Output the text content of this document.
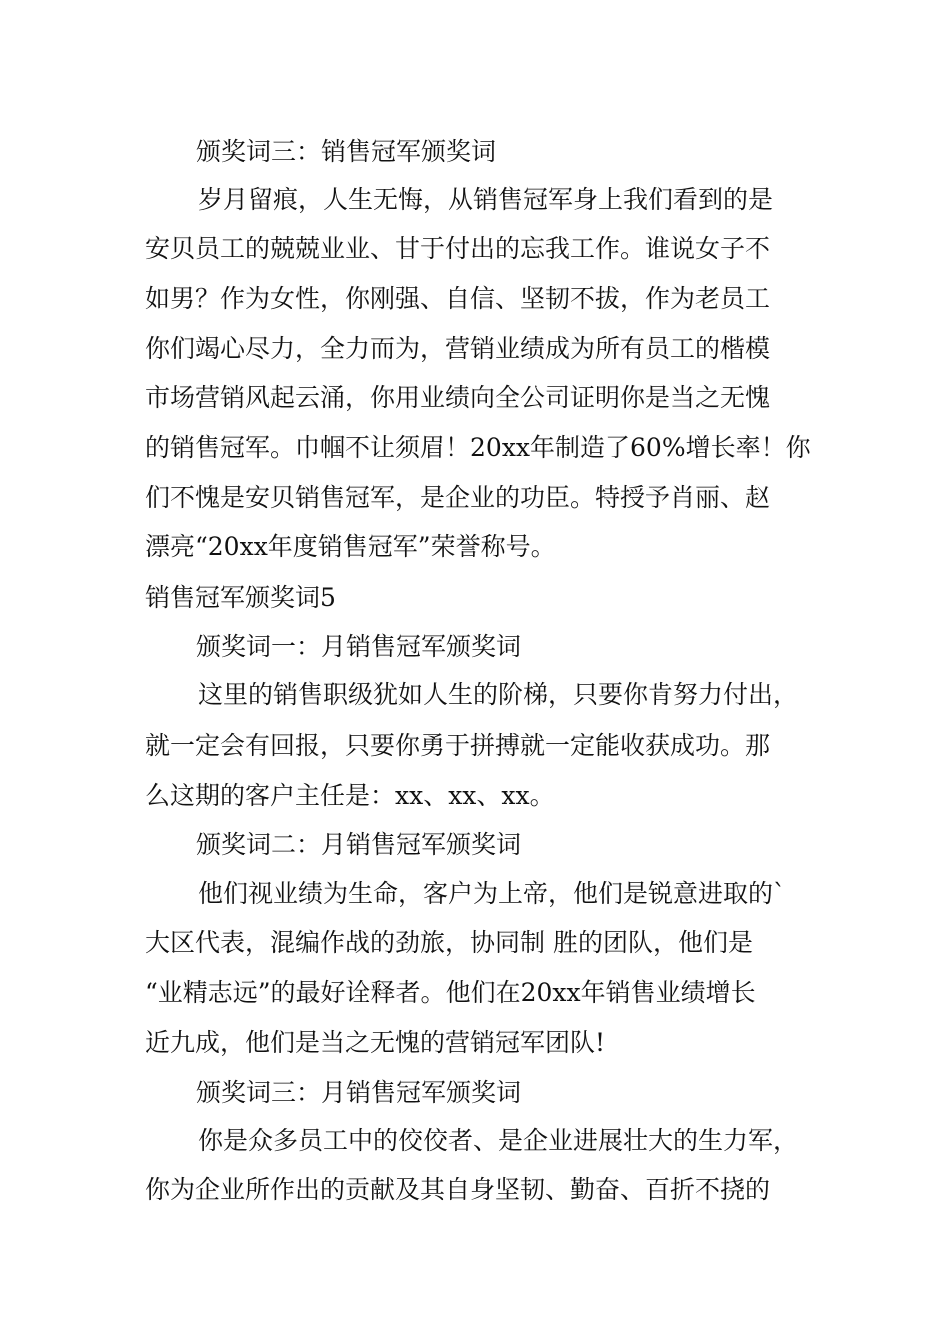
颁奖词三：销售冠军颁奖词
岁月留痕，人生无悔，从销售冠军身上我们看到的是
安贝员工的兢兢业业、甘于付出的忘我工作。谁说女子不
如男？作为女性，你刚强、自信、坚韧不拔，作为老员工
你们竭心尽力，全力而为，营销业绩成为所有员工的楷模
市场营销风起云涌，你用业绩向全公司证明你是当之无愧
的销售冠军。巾帼不让须眉！20xx年制造了60%增长率！你
们不愧是安贝销售冠军，是企业的功臣。特授予肖丽、赵
漂亮“20xx年度销售冠军”荣誉称号。
销售冠军颁奖词5
颁奖词一：月销售冠军颁奖词
这里的销售职级犹如人生的阶梯，只要你肯努力付出，
就一定会有回报，只要你勇于拼搏就一定能收获成功。那
么这期的客户主任是：xx、xx、xx。
颁奖词二：月销售冠军颁奖词
他们视业绩为生命，客户为上帝，他们是锐意进取的`
大区代表，混编作战的劲旅，协同制 胜的团队，他们是
“业精志远”的最好诠释者。他们在20xx年销售业绩增长
近九成，他们是当之无愧的营销冠军团队!
颁奖词三：月销售冠军颁奖词
你是众多员工中的佼佼者、是企业进展壮大的生力军，
你为企业所作出的贡献及其自身坚韧、勤奋、百折不挠的
